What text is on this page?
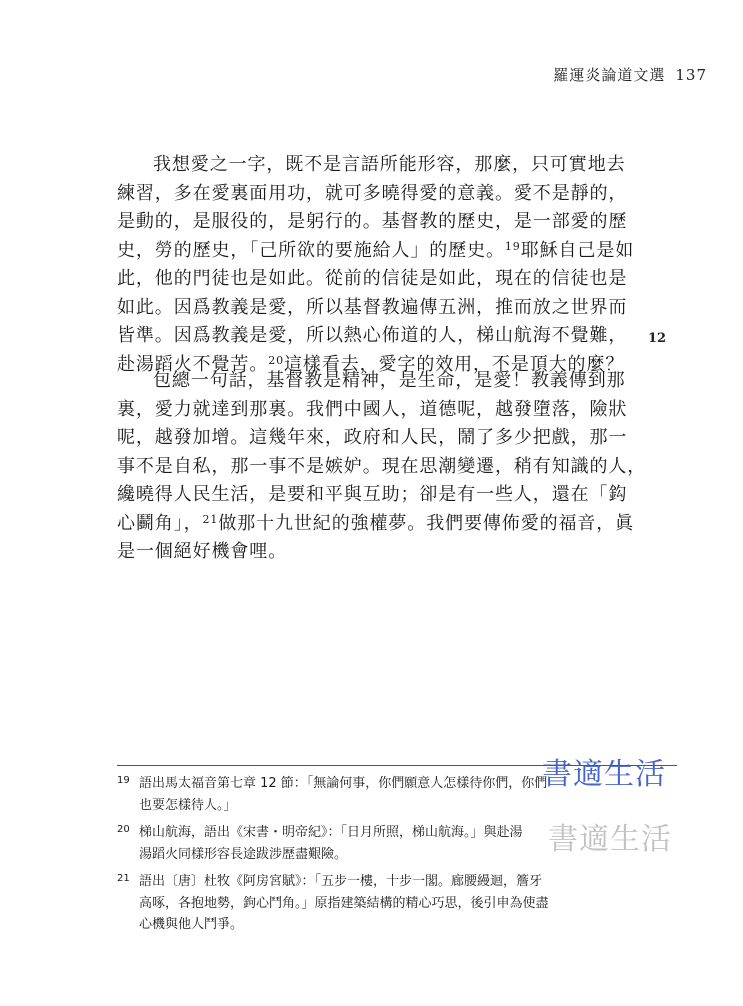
羅運炎論道文選 137
我想愛之一字，既不是言語所能形容，那麼，只可實地去
練習，多在愛裏面用功，就可多曉得愛的意義。愛不是靜的，
是動的，是服役的，是躬行的。基督教的歷史，是一部愛的歷
史，勞的歷史，「己所欲的要施給人」的歷史。$^{19}$耶穌自己是如
此，他的門徒也是如此。從前的信徒是如此，現在的信徒也是
如此。因爲教義是愛，所以基督教遍傳五洲，推而放之世界而
皆準。因爲教義是愛，所以熱心佈道的人，梯山航海不覺難，
赴湯蹈火不覺苦。$^{20}$這樣看去，愛字的效用，不是頂大的麼？
12
包總一句話，基督教是精神，是生命，是愛！教義傳到那
裏，愛力就達到那裏。我們中國人，道德呢，越發墮落，險狀
呢，越發加增。這幾年來，政府和人民，鬧了多少把戲，那一
事不是自私，那一事不是嫉妒。現在思潮變遷，稍有知識的人，
纔曉得人民生活，是要和平與互助；卻是有一些人，還在「鈎
心鬬角」，$^{21}$做那十九世紀的強權夢。我們要傳佈愛的福音，眞
是一個絕好機會哩。
19 語出馬太福音第七章 12 節：「無論何事，你們願意人怎樣待你們，你們
也要怎樣待人。」
20 梯山航海，語出《宋書・明帝紀》：「日月所照，梯山航海。」與赴湯
湯蹈火同樣形容長途跋涉歷盡艱險。
21 語出〔唐〕杜牧《阿房宮賦》：「五步一樓，十步一閣。廊腰縵迴，簷牙
高啄，各抱地勢，鉤心鬥角。」原指建築結構的精心巧思，後引申為使盡
心機與他人鬥爭。
書適生活
書適生活
